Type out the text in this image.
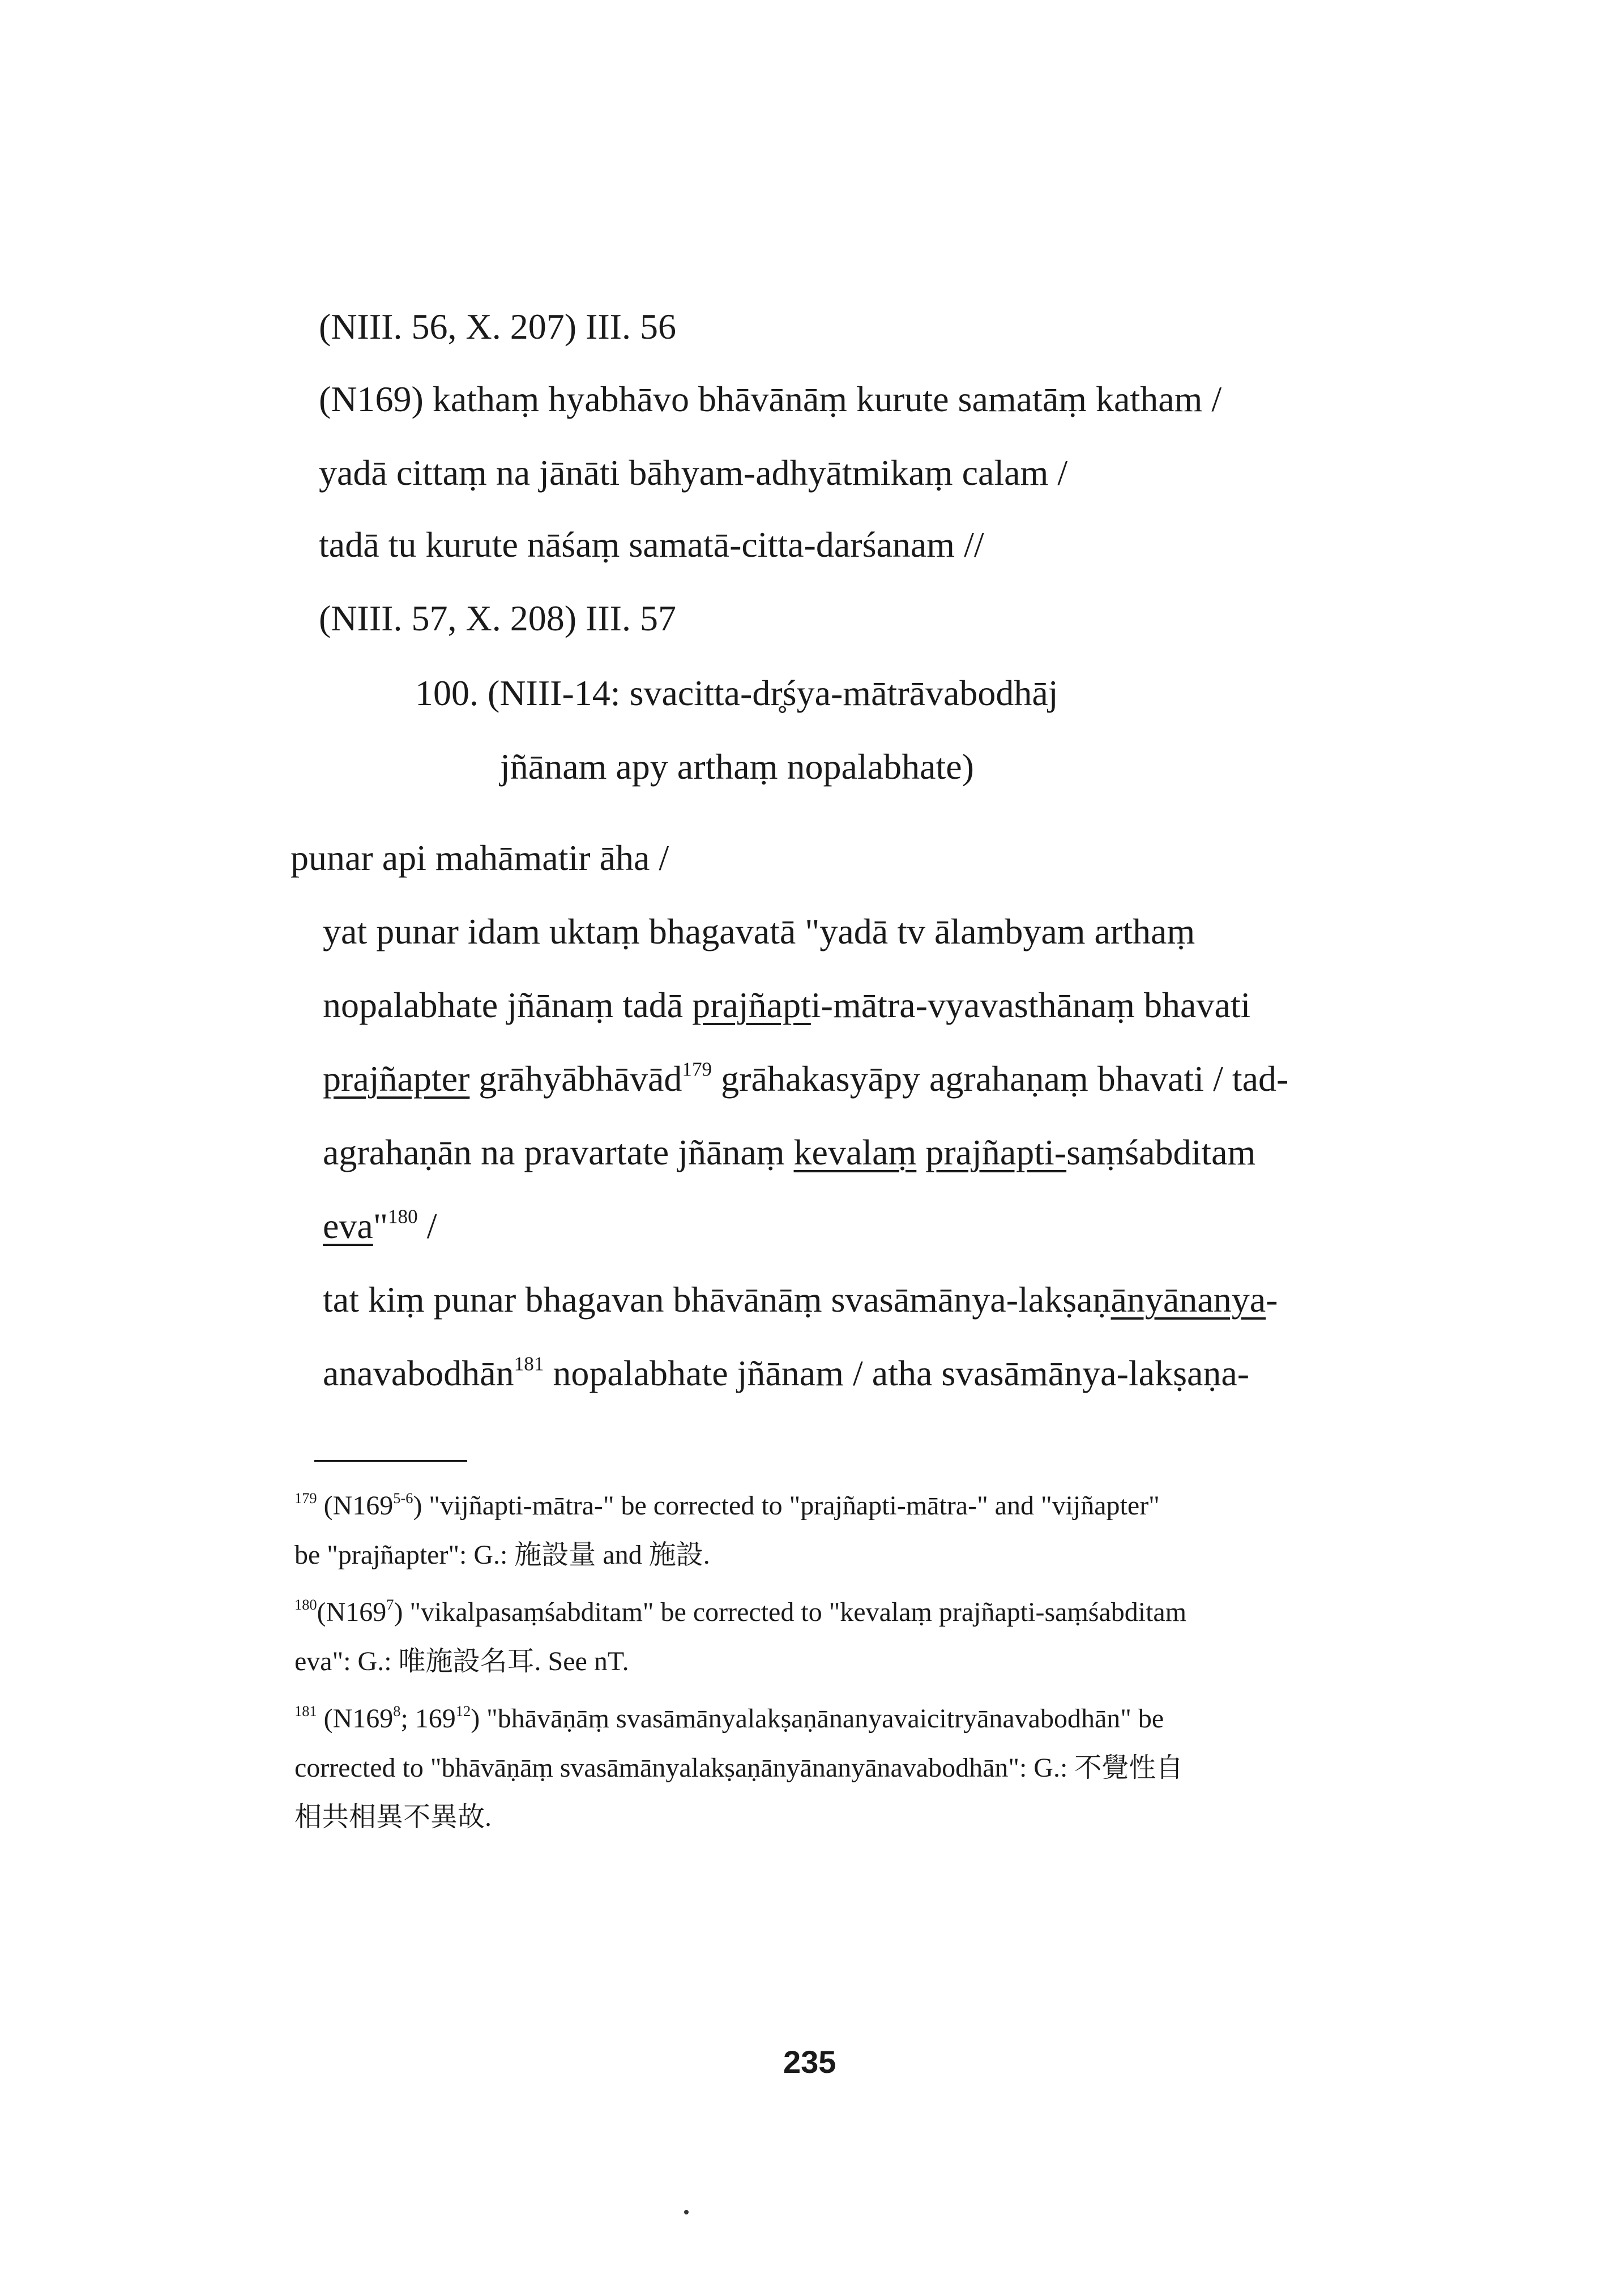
(NIII. 56, X. 207) III. 56
(N169) kathaṃ hyabhāvo bhāvānāṃ kurute samatāṃ katham /
yadā cittaṃ na jānāti bāhyam-adhyātmikaṃ calam /
tadā tu kurute nāśaṃ samatā-citta-darśanam //
(NIII. 57, X. 208) III. 57
100. (NIII-14: svacitta-dr̥śya-mātrāvabodhāj
jñānam apy arthaṃ nopalabhate)
punar api mahāmatir āha /
yat punar idam uktaṃ bhagavatā "yadā tv ālambyam arthaṃ
nopalabhate jñānaṃ tadā prajñapti-mātra-vyavasthānaṃ bhavati
prajñapter grāhyābhāvād$^{179}$ grāhakasyāpy agrahaṇaṃ bhavati / tad-
agrahaṇān na pravartate jñānaṃ kevalaṃ prajñapti-saṃśabditam
eva"$^{180}$ /
tat kiṃ punar bhagavan bhāvānāṃ svasāmānya-lakṣaṇānyānanya-
anavabodhān$^{181}$ nopalabhate jñānam / atha svasāmānya-lakṣaṇa-
$^{179}$ (N169$^{5-6}$) "vijñapti-mātra-" be corrected to "prajñapti-mātra-" and "vijñapter"
be "prajñapter": G.: 施設量 and 施設.
$^{180}(N169^7)$ "vikalpasaṃśabditam" be corrected to "kevalaṃ prajñapti-saṃśabditam
eva": G.: 唯施設名耳. See nT.
$^{181}$ ($N169^8$; $169^{12}$) "bhāvāṇāṃ svasāmānyalakṣaṇānanyavaicitryānavabodhān" be
corrected to "bhāvāṇāṃ svasāmānyalakṣaṇānyānanyānavabodhān": G.: 不覺性自
相共相異不異故.
235
